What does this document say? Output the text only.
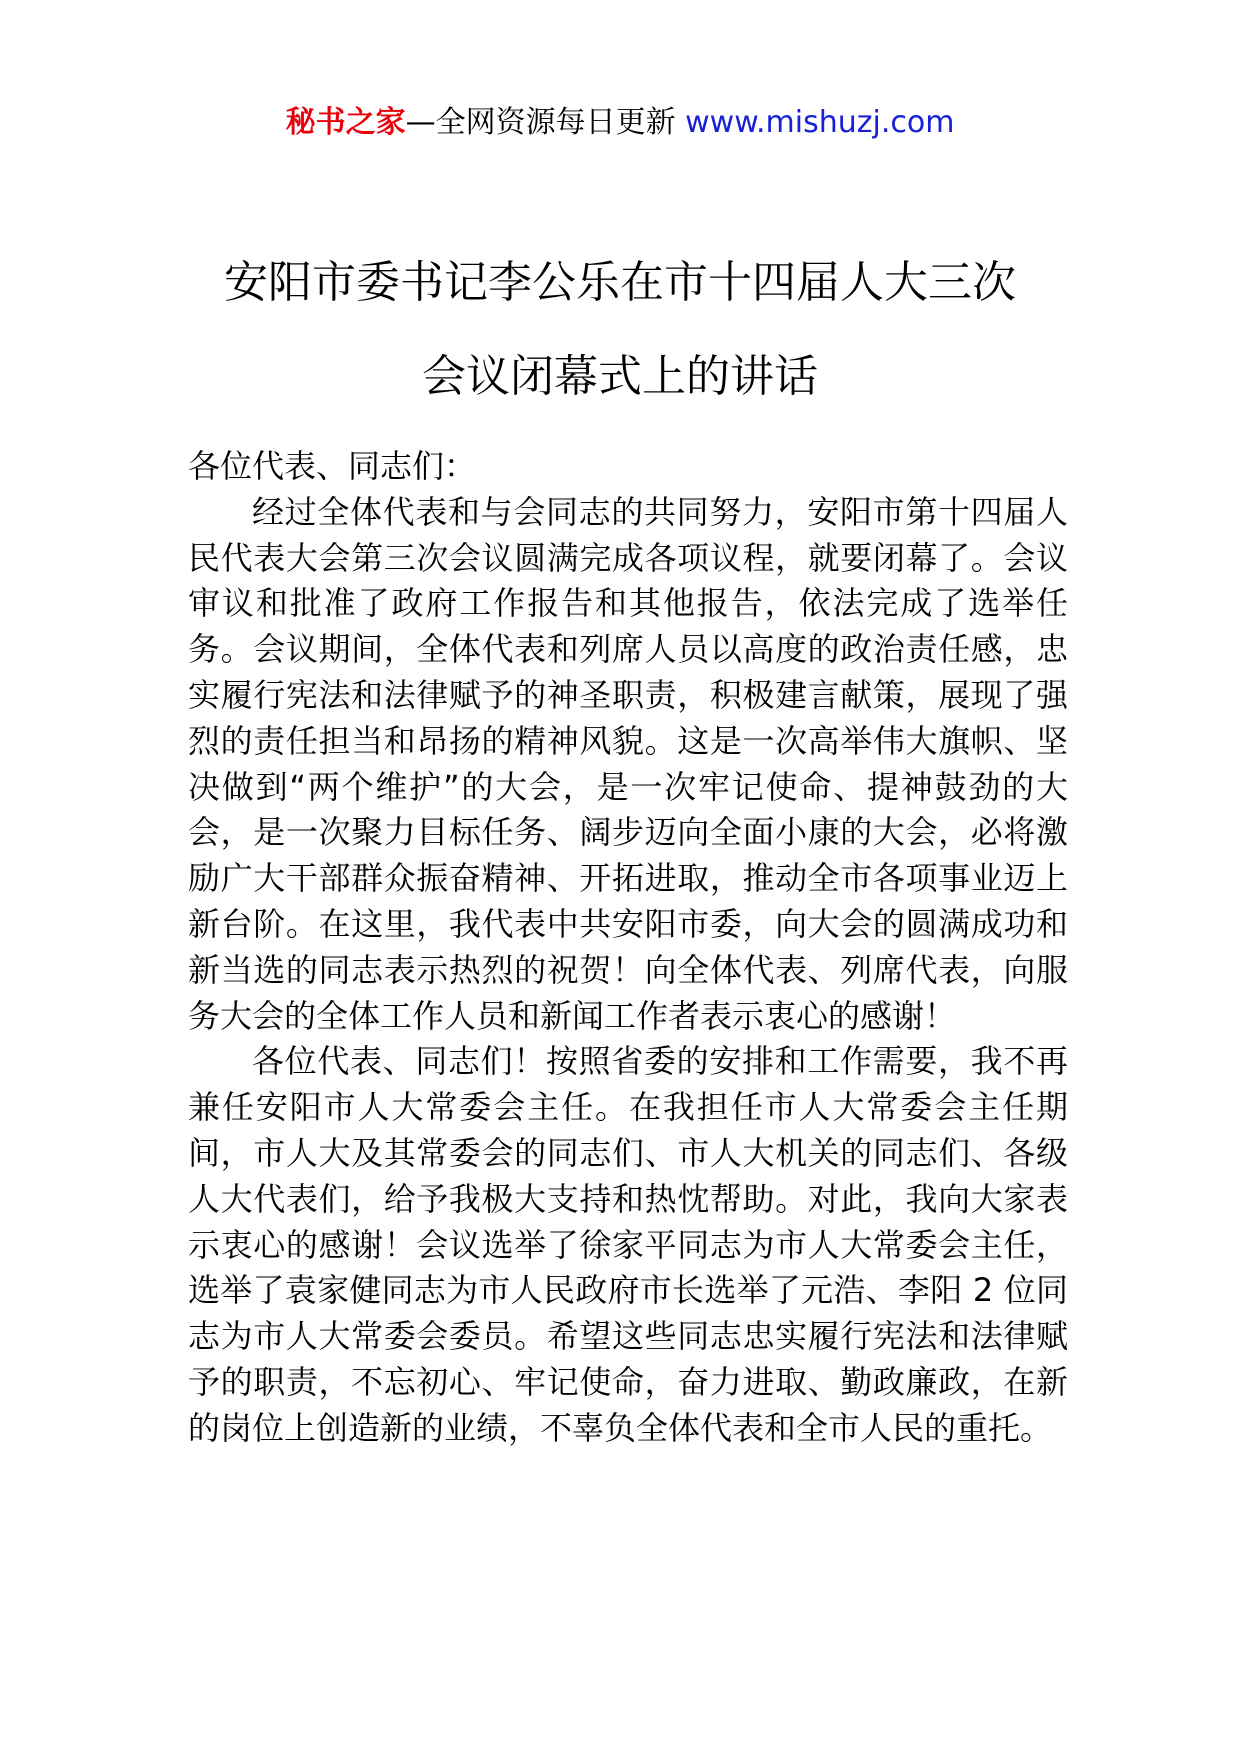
秘书之家—全网资源每日更新 www.mishuzj.com
安阳市委书记李公乐在市十四届人大三次
会议闭幕式上的讲话

各位代表、同志们：

经过全体代表和与会同志的共同努力，安阳市第十四届人民代表大会第三次会议圆满完成各项议程，就要闭幕了。会议审议和批准了政府工作报告和其他报告，依法完成了选举任务。会议期间，全体代表和列席人员以高度的政治责任感，忠实履行宪法和法律赋予的神圣职责，积极建言献策，展现了强烈的责任担当和昂扬的精神风貌。这是一次高举伟大旗帜、坚决做到“两个维护”的大会，是一次牢记使命、提神鼓劲的大会，是一次聚力目标任务、阔步迈向全面小康的大会，必将激励广大干部群众振奋精神、开拓进取，推动全市各项事业迈上新台阶。在这里，我代表中共安阳市委，向大会的圆满成功和新当选的同志表示热烈的祝贺！向全体代表、列席代表，向服务大会的全体工作人员和新闻工作者表示衷心的感谢！

各位代表、同志们！按照省委的安排和工作需要，我不再兼任安阳市人大常委会主任。在我担任市人大常委会主任期间，市人大及其常委会的同志们、市人大机关的同志们、各级人大代表们，给予我极大支持和热忱帮助。对此，我向大家表示衷心的感谢！会议选举了徐家平同志为市人大常委会主任，选举了袁家健同志为市人民政府市长选举了元浩、李阳 2 位同志为市人大常委会委员。希望这些同志忠实履行宪法和法律赋予的职责，不忘初心、牢记使命，奋力进取、勤政廉政，在新的岗位上创造新的业绩，不辜负全体代表和全市人民的重托。
